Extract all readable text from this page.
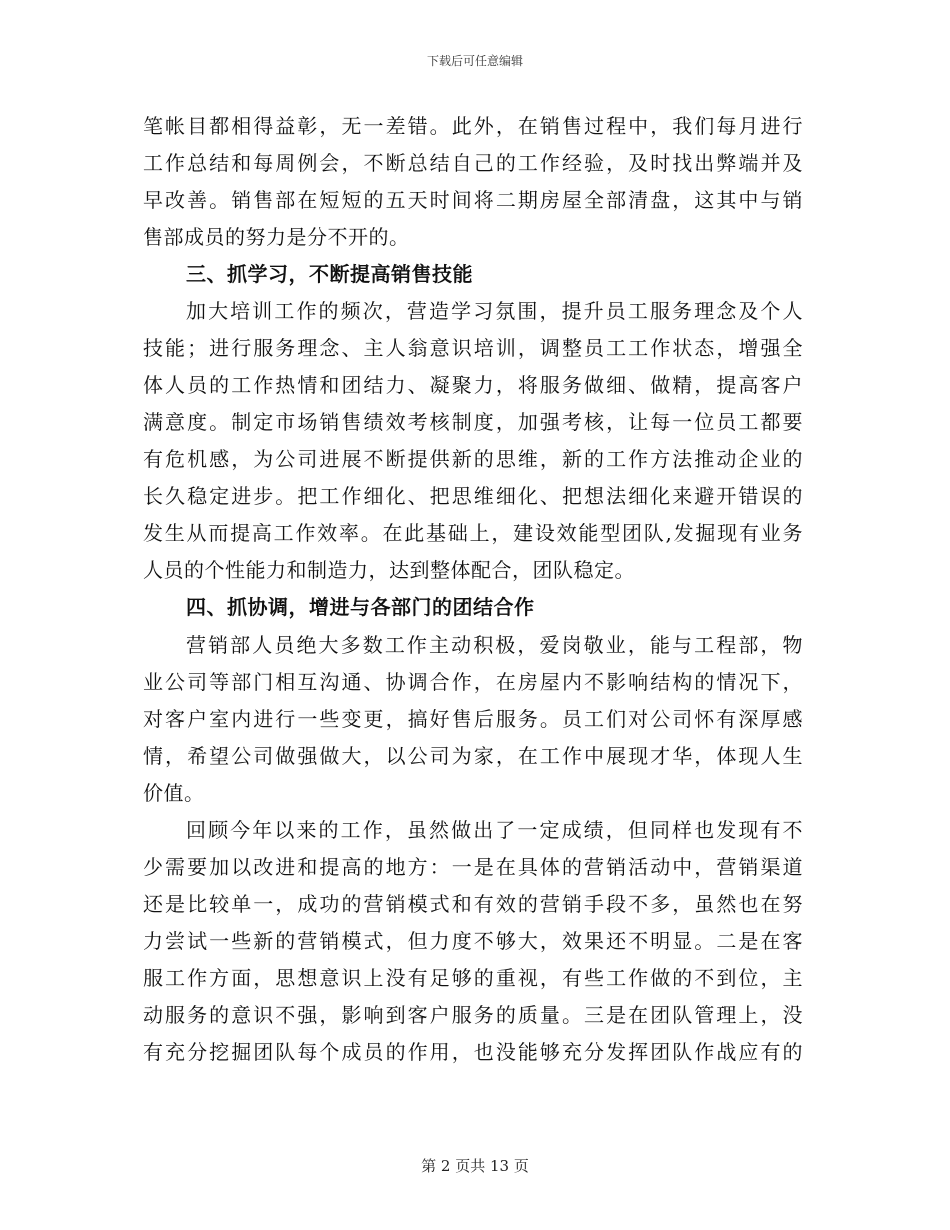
下载后可任意编辑
笔帐目都相得益彰，无一差错。此外，在销售过程中，我们每月进行
工作总结和每周例会，不断总结自己的工作经验，及时找出弊端并及
早改善。销售部在短短的五天时间将二期房屋全部清盘，这其中与销
售部成员的努力是分不开的。
三、抓学习，不断提高销售技能
加大培训工作的频次，营造学习氛围，提升员工服务理念及个人
技能；进行服务理念、主人翁意识培训，调整员工工作状态，增强全
体人员的工作热情和团结力、凝聚力，将服务做细、做精，提高客户
满意度。制定市场销售绩效考核制度，加强考核，让每一位员工都要
有危机感，为公司进展不断提供新的思维，新的工作方法推动企业的
长久稳定进步。把工作细化、把思维细化、把想法细化来避开错误的
发生从而提高工作效率。在此基础上，建设效能型团队,发掘现有业务
人员的个性能力和制造力，达到整体配合，团队稳定。
四、抓协调，增进与各部门的团结合作
营销部人员绝大多数工作主动积极，爱岗敬业，能与工程部，物
业公司等部门相互沟通、协调合作，在房屋内不影响结构的情况下，
对客户室内进行一些变更，搞好售后服务。员工们对公司怀有深厚感
情，希望公司做强做大，以公司为家，在工作中展现才华，体现人生
价值。
回顾今年以来的工作，虽然做出了一定成绩，但同样也发现有不
少需要加以改进和提高的地方：一是在具体的营销活动中，营销渠道
还是比较单一，成功的营销模式和有效的营销手段不多，虽然也在努
力尝试一些新的营销模式，但力度不够大，效果还不明显。二是在客
服工作方面，思想意识上没有足够的重视，有些工作做的不到位，主
动服务的意识不强，影响到客户服务的质量。三是在团队管理上，没
有充分挖掘团队每个成员的作用，也没能够充分发挥团队作战应有的
第 2 页共 13 页
